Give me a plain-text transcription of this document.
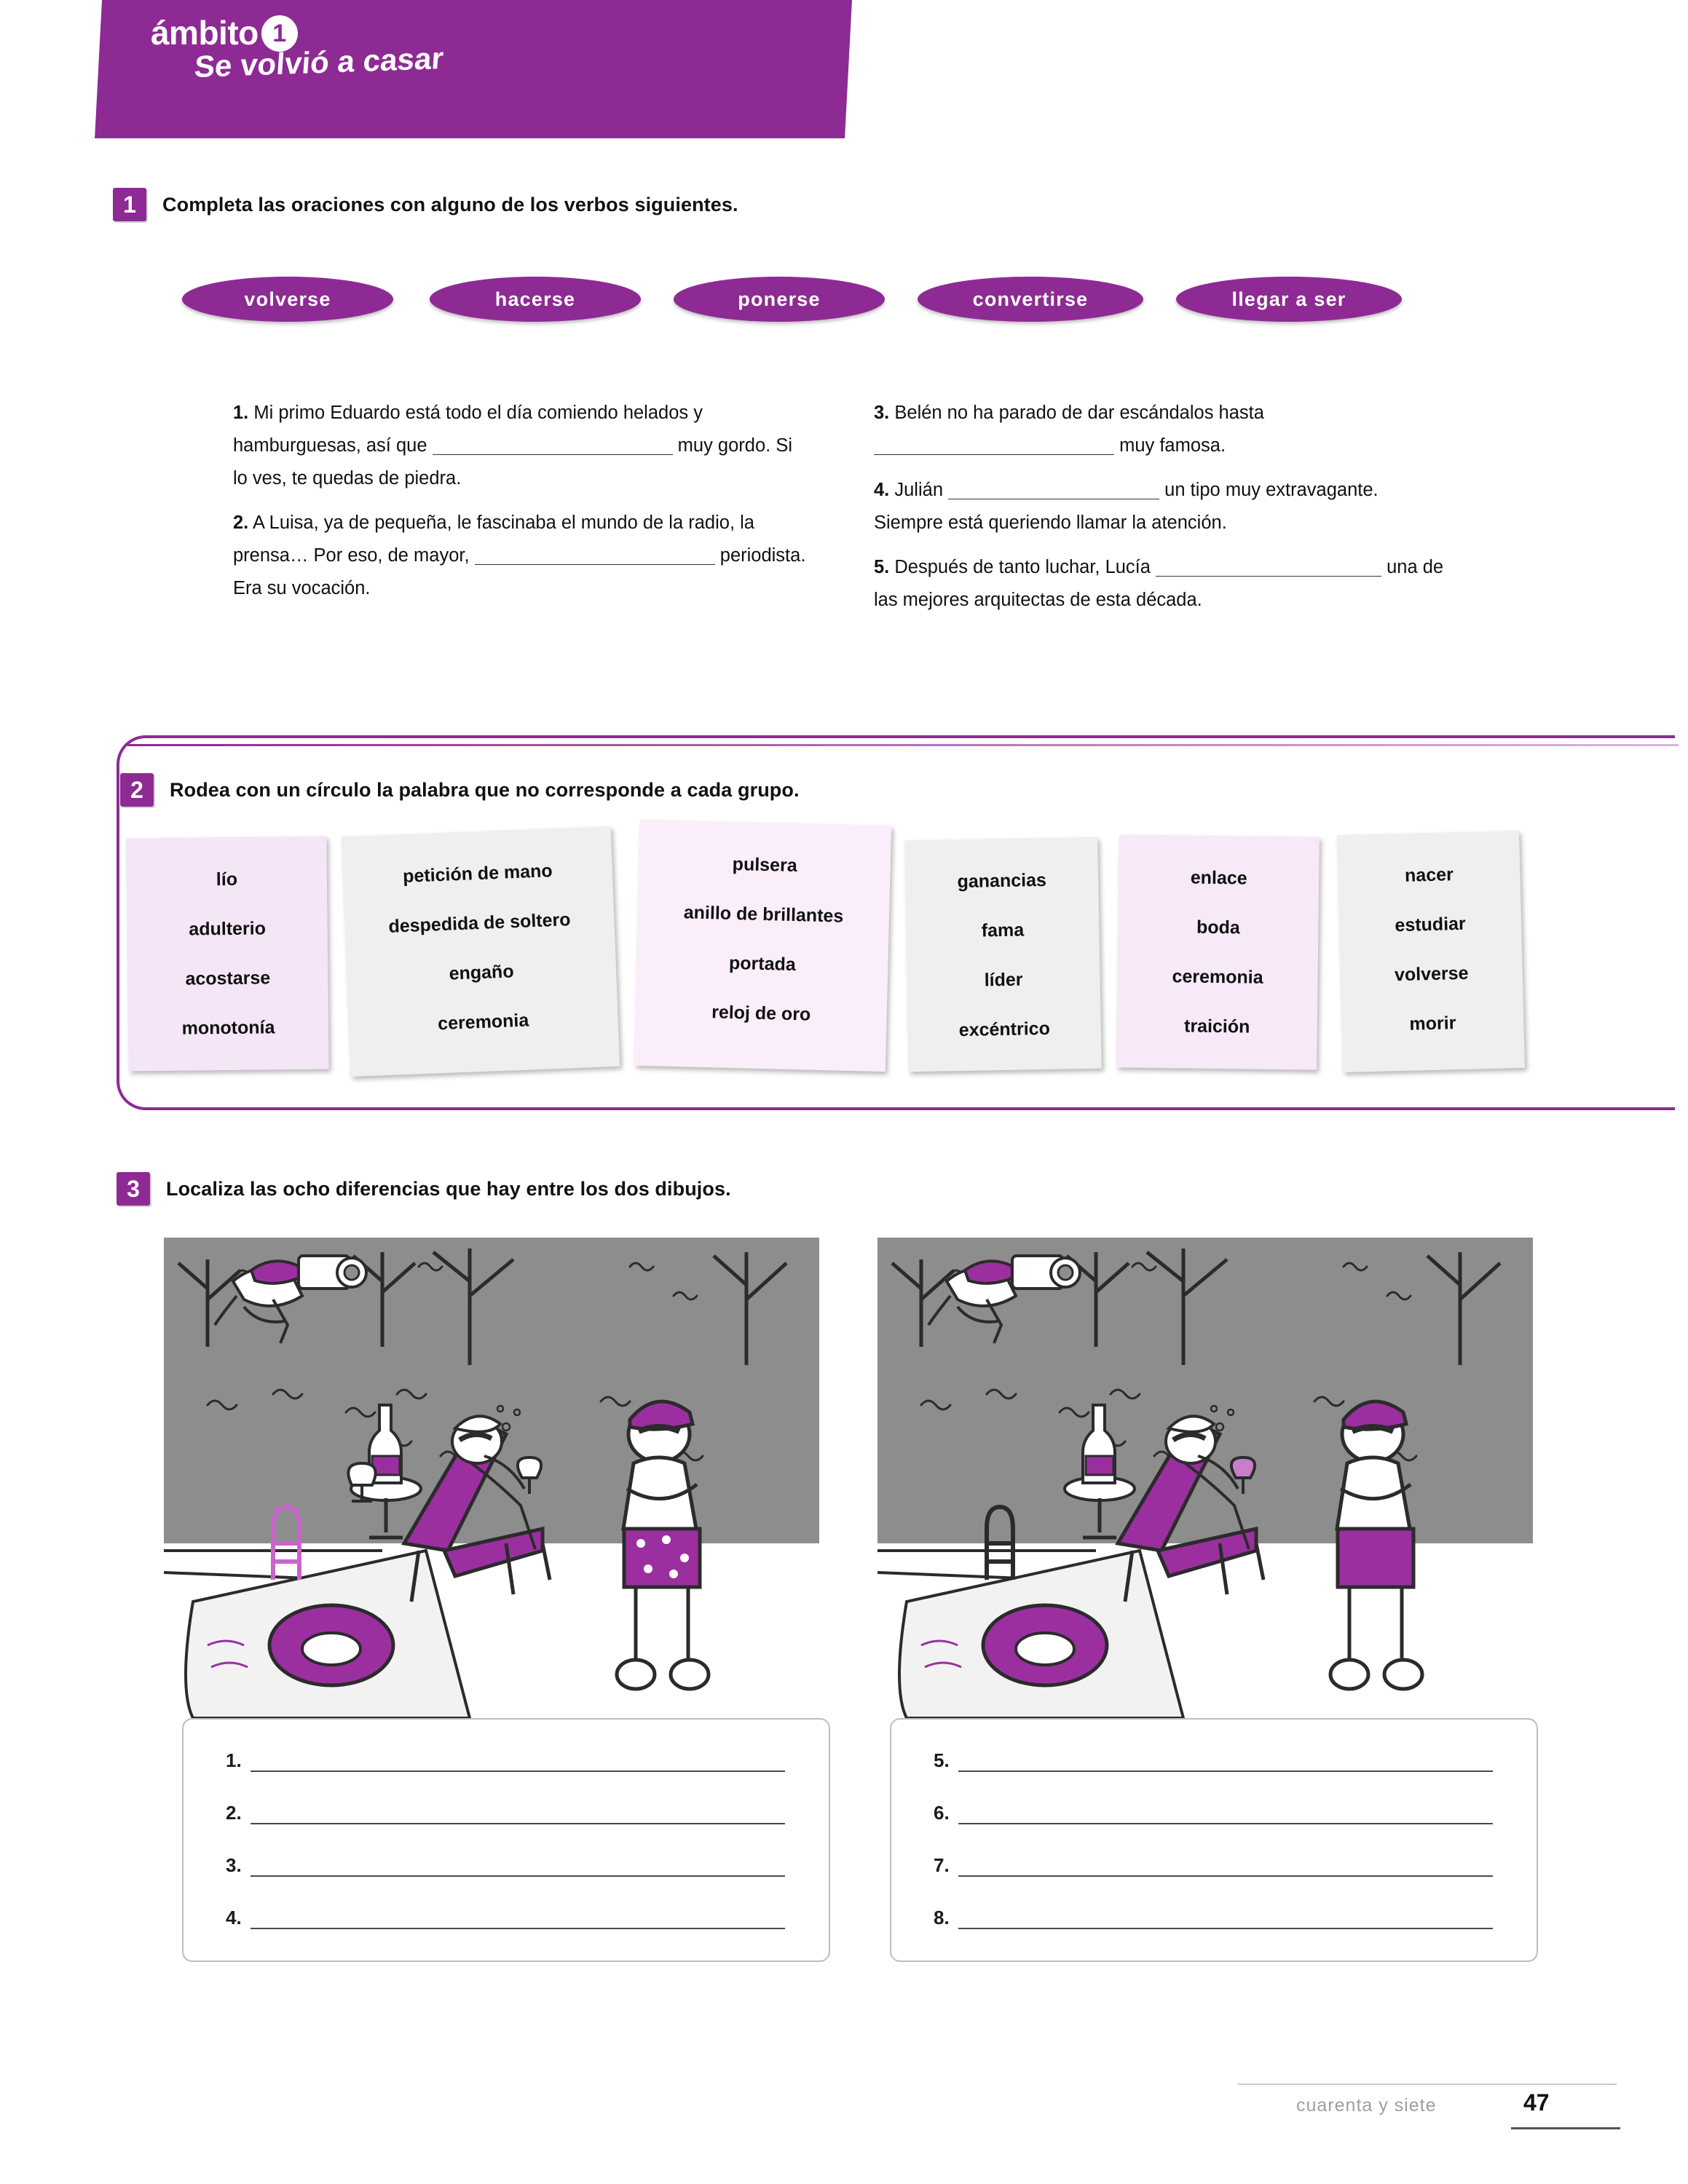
ámbito 1
Se volvió a casar
1	Completa las oraciones con alguno de los verbos siguientes.
volverse	hacerse	ponerse	convertirse	llegar a ser
1. Mi primo Eduardo está todo el día comiendo helados y hamburguesas, así que	muy gordo. Si lo ves, te quedas de piedra.
2. A Luisa, ya de pequeña, le fascinaba el mundo de la radio, la prensa… Por eso, de mayor,	periodista. Era su vocación.
3. Belén no ha parado de dar escándalos hasta  muy famosa.
4. Julián	un tipo muy extravagante. Siempre está queriendo llamar la atención.
5. Después de tanto luchar, Lucía	una de las mejores arquitectas de esta década.
2	Rodea con un círculo la palabra que no corresponde a cada grupo.
lío
adulterio
acostarse
monotonía
petición de mano
despedida de soltero
engaño
ceremonia
pulsera
anillo de brillantes
portada
reloj de oro
ganancias
fama
líder
excéntrico
enlace
boda
ceremonia
traición
nacer
estudiar
volverse
morir
3	Localiza las ocho diferencias que hay entre los dos dibujos.
1.
2.
3.
4.
5.
6.
7.
8.
cuarenta y siete	47
